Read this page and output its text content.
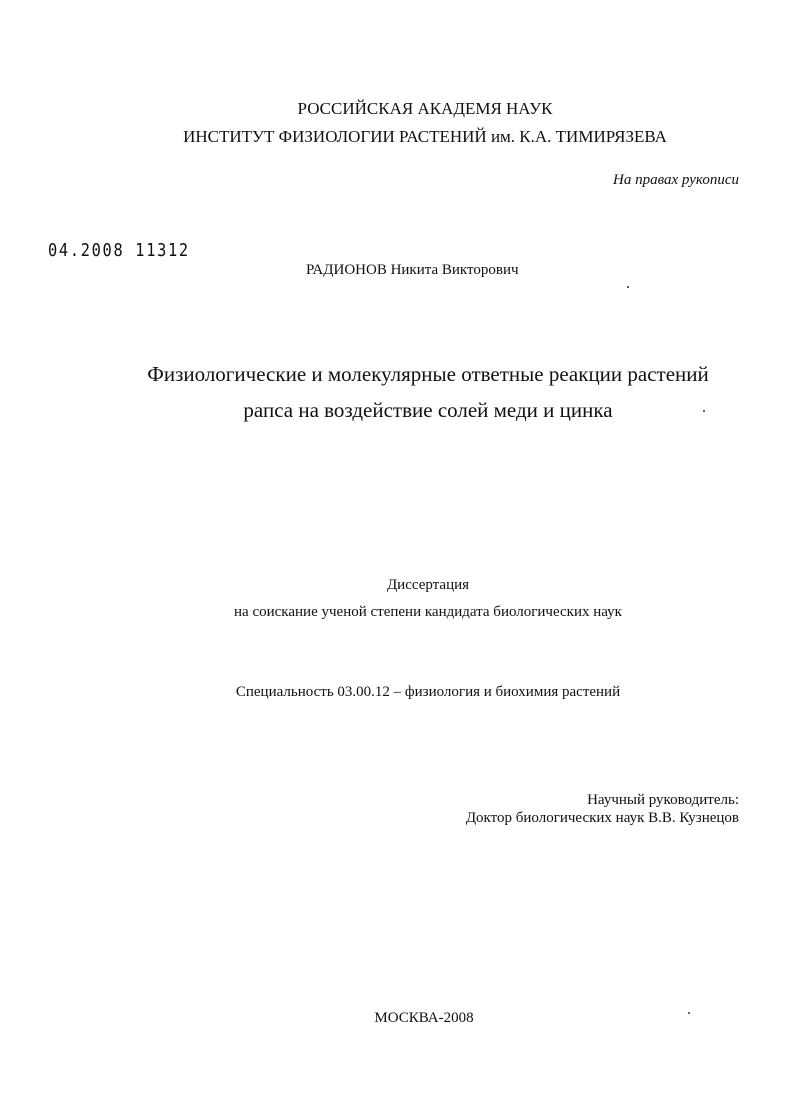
РОССИЙСКАЯ АКАДЕМЯ НАУК
ИНСТИТУТ ФИЗИОЛОГИИ РАСТЕНИЙ им. К.А. ТИМИРЯЗЕВА
На правах рукописи
04.2008 11312
РАДИОНОВ Никита Викторович
Физиологические и молекулярные ответные реакции растений
рапса на воздействие солей меди и цинка
Диссертация
на соискание ученой степени кандидата биологических наук
Специальность 03.00.12 – физиология и биохимия растений
Научный руководитель:
Доктор биологических наук В.В. Кузнецов
МОСКВА-2008
